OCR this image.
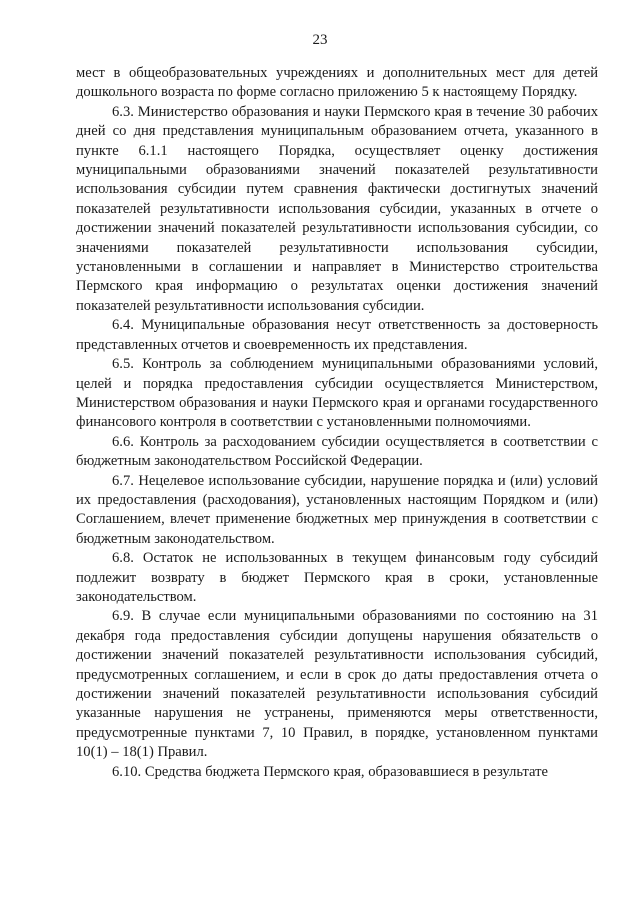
23

мест в общеобразовательных учреждениях и дополнительных мест для детей дошкольного возраста по форме согласно приложению 5 к настоящему Порядку.

6.3. Министерство образования и науки Пермского края в течение 30 рабочих дней со дня представления муниципальным образованием отчета, указанного в пункте 6.1.1 настоящего Порядка, осуществляет оценку достижения муниципальными образованиями значений показателей результативности использования субсидии путем сравнения фактически достигнутых значений показателей результативности использования субсидии, указанных в отчете о достижении значений показателей результативности использования субсидии, со значениями показателей результативности использования субсидии, установленными в соглашении и направляет в Министерство строительства Пермского края информацию о результатах оценки достижения значений показателей результативности использования субсидии.

6.4. Муниципальные образования несут ответственность за достоверность представленных отчетов и своевременность их представления.

6.5. Контроль за соблюдением муниципальными образованиями условий, целей и порядка предоставления субсидии осуществляется Министерством, Министерством образования и науки Пермского края и органами государственного финансового контроля в соответствии с установленными полномочиями.

6.6. Контроль за расходованием субсидии осуществляется в соответствии с бюджетным законодательством Российской Федерации.

6.7. Нецелевое использование субсидии, нарушение порядка и (или) условий их предоставления (расходования), установленных настоящим Порядком и (или) Соглашением, влечет применение бюджетных мер принуждения в соответствии с бюджетным законодательством.

6.8. Остаток не использованных в текущем финансовым году субсидий подлежит возврату в бюджет Пермского края в сроки, установленные законодательством.

6.9. В случае если муниципальными образованиями по состоянию на 31 декабря года предоставления субсидии допущены нарушения обязательств о достижении значений показателей результативности использования субсидий, предусмотренных соглашением, и если в срок до даты предоставления отчета о достижении значений показателей результативности использования субсидий указанные нарушения не устранены, применяются меры ответственности, предусмотренные пунктами 7, 10 Правил, в порядке, установленном пунктами 10(1) – 18(1) Правил.

6.10. Средства бюджета Пермского края, образовавшиеся в результате
